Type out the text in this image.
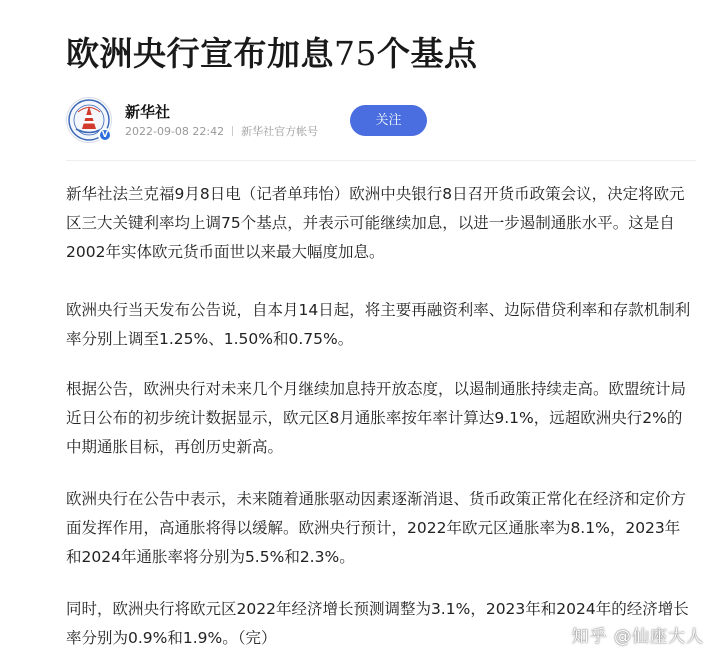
欧洲央行宣布加息75个基点
V
新华社
2022-09-08 22:42 新华社官方帐号
关注

新华社法兰克福9月8日电（记者单玮怡）欧洲中央银行8日召开货币政策会议，决定将欧元区三大关键利率均上调75个基点，并表示可能继续加息，以进一步遏制通胀水平。这是自2002年实体欧元货币面世以来最大幅度加息。

欧洲央行当天发布公告说，自本月14日起，将主要再融资利率、边际借贷利率和存款机制利率分别上调至1.25%、1.50%和0.75%。

根据公告，欧洲央行对未来几个月继续加息持开放态度，以遏制通胀持续走高。欧盟统计局近日公布的初步统计数据显示，欧元区8月通胀率按年率计算达9.1%，远超欧洲央行2%的中期通胀目标，再创历史新高。

欧洲央行在公告中表示，未来随着通胀驱动因素逐渐消退、货币政策正常化在经济和定价方面发挥作用，高通胀将得以缓解。欧洲央行预计，2022年欧元区通胀率为8.1%，2023年和2024年通胀率将分别为5.5%和2.3%。

同时，欧洲央行将欧元区2022年经济增长预测调整为3.1%，2023年和2024年的经济增长率分别为0.9%和1.9%。（完）	知乎 @仙座大人
